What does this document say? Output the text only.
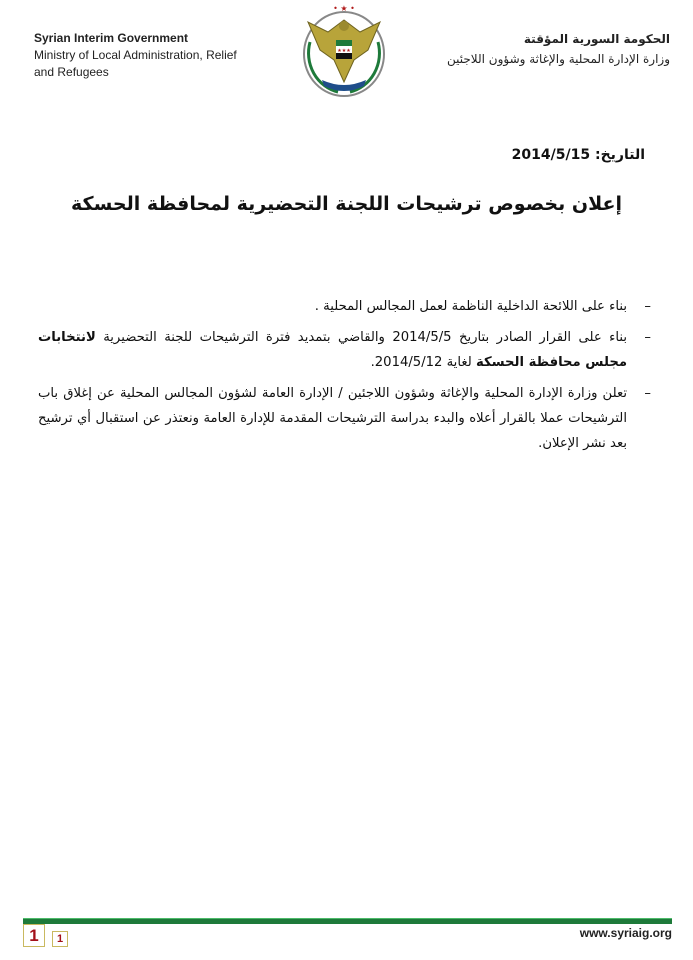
Syrian Interim Government
Ministry of Local Administration, Relief
and Refugees
• ★ •
★★★
الحكومة السورية المؤقتة
وزارة الإدارة المحلية والإغاثة وشؤون اللاجئين
التاريخ: 2014/5/15
إعلان بخصوص ترشيحات اللجنة التحضيرية لمحافظة الحسكة
–
بناء على اللائحة الداخلية الناظمة لعمل المجالس المحلية .
–
بناء على القرار الصادر بتاريخ 2014/5/5 والقاضي بتمديد فترة الترشيحات للجنة التحضيرية لانتخابات مجلس محافظة الحسكة لغاية 2014/5/12.
–
تعلن وزارة الإدارة المحلية والإغاثة وشؤون اللاجئين / الإدارة العامة لشؤون المجالس المحلية عن إغلاق باب الترشيحات عملا بالقرار أعلاه والبدء بدراسة الترشيحات المقدمة للإدارة العامة ونعتذر عن استقبال أي ترشيح بعد نشر الإعلان.
1	1	www.syriaig.org
